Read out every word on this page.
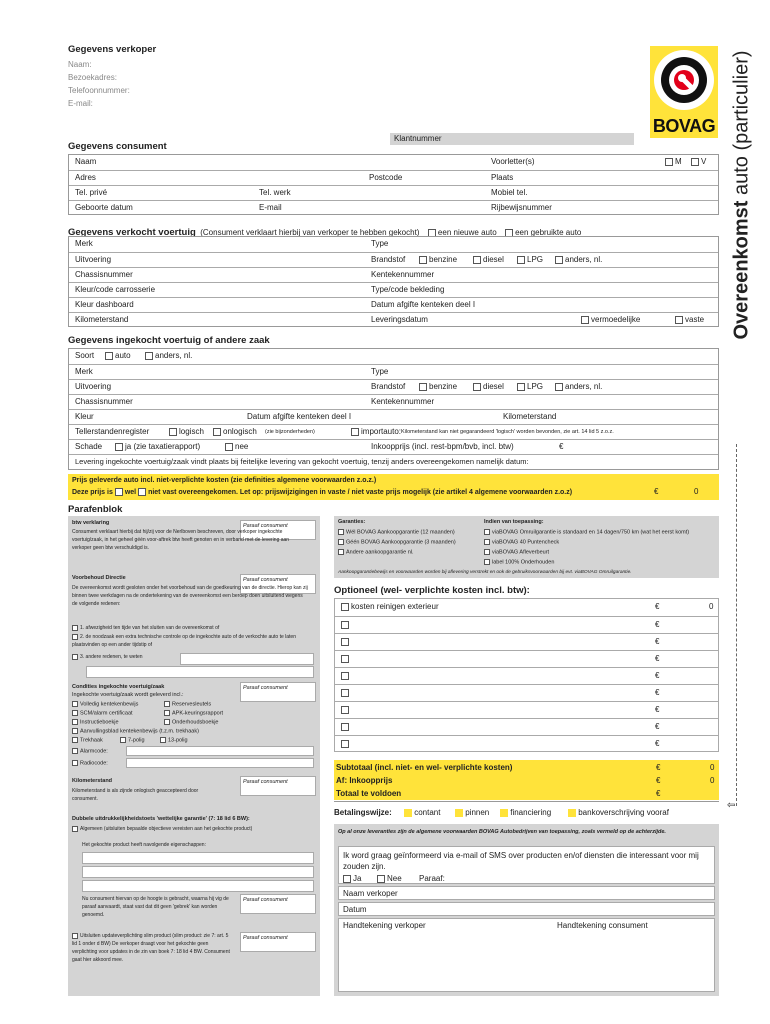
Gegevens verkoper
Naam:
Bezoekadres:
Telefoonnummer:
E-mail:
BOVAG
Overeenkomst auto (particulier)
Klantnummer
Gegevens consument
Naam	Voorletter(s)	M	V
Adres	Postcode	Plaats
Tel. privé	Tel. werk	Mobiel tel.
Geboorte datum	E-mail	Rijbewijsnummer
Gegevens verkocht voertuig (Consument verklaart hierbij van verkoper te hebben gekocht) een nieuwe auto een gebruikte auto
Merk	Type
Uitvoering	Brandstof	benzine	diesel	LPG	anders, nl.
Chassisnummer	Kentekennummer
Kleur/code carrosserie	Type/code bekleding
Kleur dashboard	Datum afgifte kenteken deel I
Kilometerstand	Leveringsdatum	vermoedelijke	vaste
Gegevens ingekocht voertuig of andere zaak
Soort	auto	anders, nl.
Merk	Type
Uitvoering	Brandstof	benzine	diesel	LPG	anders, nl.
Chassisnummer	Kentekennummer
Kleur	Datum afgifte kenteken deel I	Kilometerstand
Tellerstandenregister	logisch	onlogisch (zie bijzonderheden)	importauto: Kilometerstand kan niet gegarandeerd 'logisch' worden bevonden, zie art. 14 lid 5 z.o.z.
Schade	ja (zie taxatierapport)	nee	Inkoopprijs (incl. rest-bpm/bvb, incl. btw)	€
Levering ingekochte voertuig/zaak vindt plaats bij feitelijke levering van gekocht voertuig, tenzij anders overeengekomen namelijk datum:
⇦
Prijs geleverde auto incl. niet-verplichte kosten (zie definities algemene voorwaarden z.o.z.)
Deze prijs is wel niet vast overeengekomen. Let op: prijswijzigingen in vaste / niet vaste prijs mogelijk (zie artikel 4 algemene voorwaarden z.o.z)	€	0
Parafenblok
btw verklaring	Paraaf consument
Consument verklaart hierbij dat hij/zij voor de Nerlboven beschreven, door verkoper ingekochte voertuig/zaak, in het geheel géén voor-aftrek btw heeft genoten en in verband met de levering aan verkoper geen btw verschuldigd is.
Voorbehoud Directie	Paraaf consument
De overeenkomst wordt gesloten onder het voorbehoud van de goedkeuring van de directie. Hierop kan zij binnen twee werkdagen na de ondertekening van de overeenkomst een beroep doen uitsluitend wegens de volgende redenen:
1. afwezigheid ten tijde van het sluiten van de overeenkomst of
2. de noodzaak een extra technische controle op de ingekochte auto of de verkochte auto te laten plaatsvinden op een ander tijdstip of
3. andere redenen, te weten
Condities ingekochte voertuig/zaak	Paraaf consument
Ingekochte voertuig/zaak wordt geleverd incl.:
Volledig kentekenbewijs	Reservesleutels
SCM/alarm certificaat	APK-keuringsrapport
Instructieboekje	Onderhoudsboekje
Aanvullingsblad kentekenbewijs (t.z.m. trekhaak)
Trekhaak	7-polig	13-polig
Alarmcode:
Radiocode:
Kilometerstand	Paraaf consument
Kilometerstand is als zijnde onlogisch geaccepteerd door consument.
Dubbele uitdrukkelijkheidstoets 'wettelijke garantie' (7: 18 lid 6 BW):
Algemeen (uitsluiten bepaalde objectieve vereisten aan het gekochte product)
Het gekochte product heeft navolgende eigenschappen:
Nu consument hiervan op de hoogte is gebracht, waarna hij vig de paraaf aanvaardt, staat vast dat dit geen 'gebrek' kan worden genoemd.
Paraaf consument
Uitsluiten updateverplichting slim product (slim product: zie 7: art. 5 lid 1 onder d BW) De verkoper draagt voor het gekochte geen verplichting voor updates in de zin van boek 7: 18 lid 4 BW. Consument gaat hier akkoord mee.
Paraaf consument
Garanties:
Wél BOVAG Aankoopgarantie (12 maanden)
Géén BOVAG Aankoopgarantie (3 maanden)
Andere aankoopgarantie nl.
Indien van toepassing:
viaBOVAG Omruilgarantie is standaard en 14 dagen/750 km (wat het eerst komt)
viaBOVAG 40 Puntencheck
viaBOVAG Afleverbeurt
label 100% Onderhouden
Aankoopgarantiebewijs en voorwaarden worden bij aflevering verstrekt en ook de gebruiksvoorwaarden bij evt. viaBOVAG Omruilgarantie.
Optioneel (wel- verplichte kosten incl. btw):
kosten reinigen exterieur	€	0
€
€
€
€
€
€
€
€
Subtotaal (incl. niet- en wel- verplichte kosten)	€	0
Af: Inkoopprijs	€	0
Totaal te voldoen	€
Betalingswijze:	contant	pinnen	financiering	bankoverschrijving vooraf
Op al onze leveranties zijn de algemene voorwaarden BOVAG Autobedrijven van toepassing, zoals vermeld op de achterzijde.
Ik word graag geïnformeerd via e-mail of SMS over producten en/of diensten die interessant voor mij zouden zijn.
Ja	Nee Paraaf:
Naam verkoper
Datum
Handtekening verkoper	Handtekening consument
